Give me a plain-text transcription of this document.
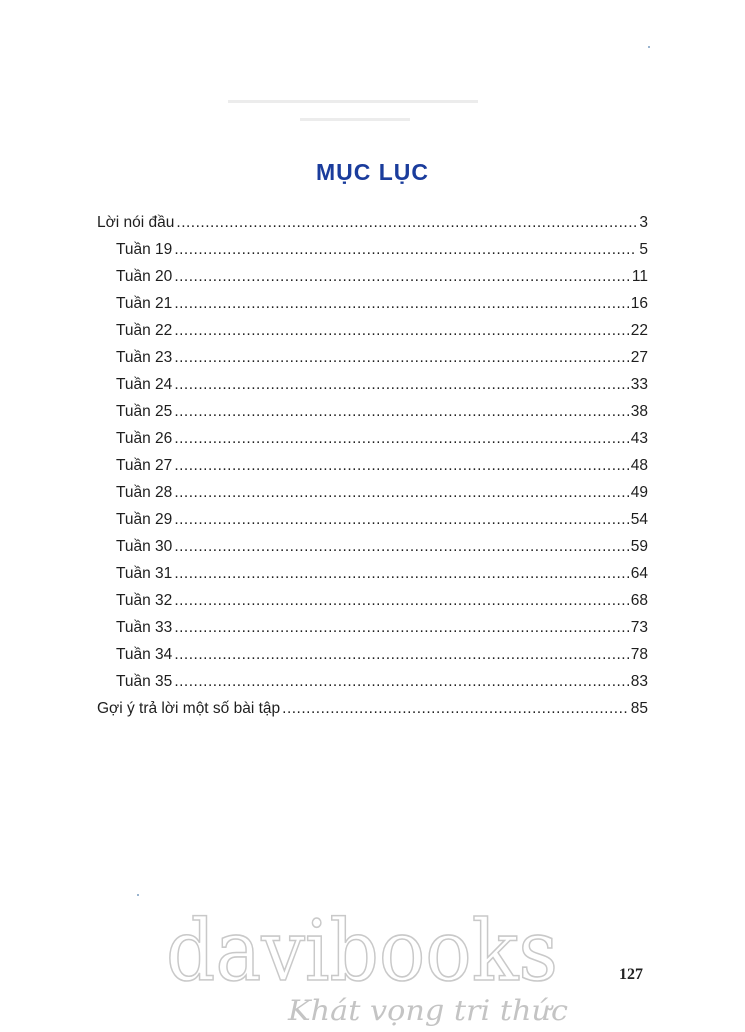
MỤC LỤC
Lời nói đầu .....	3
Tuần 19 .....	5
Tuần 20 .....	11
Tuần 21 .....	16
Tuần 22 .....	22
Tuần 23 .....	27
Tuần 24 .....	33
Tuần 25 .....	38
Tuần 26 .....	43
Tuần 27 .....	48
Tuần 28 .....	49
Tuần 29 .....	54
Tuần 30 .....	59
Tuần 31 .....	64
Tuần 32 .....	68
Tuần 33 .....	73
Tuần 34 .....	78
Tuần 35 .....	83
Gợi ý trả lời một số bài tập .....	85
127
davibooks
Khát vọng tri thức
